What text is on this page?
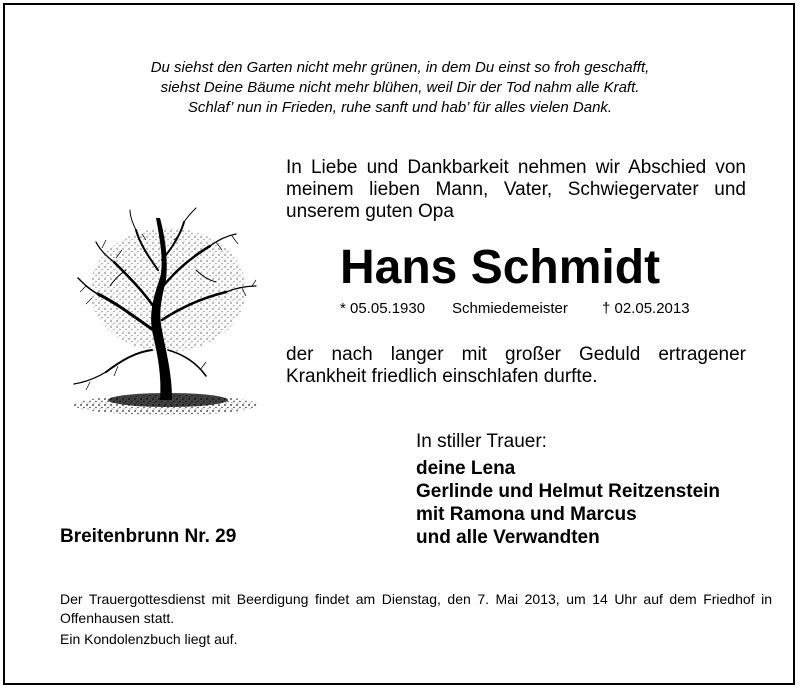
Du siehst den Garten nicht mehr grünen, in dem Du einst so froh geschafft,
siehst Deine Bäume nicht mehr blühen, weil Dir der Tod nahm alle Kraft.
Schlaf’ nun in Frieden, ruhe sanft und hab’ für alles vielen Dank.
In Liebe und Dankbarkeit nehmen wir Abschied von meinem lieben Mann, Vater, Schwiegervater und unserem guten Opa
Hans Schmidt
* 05.05.1930 Schmiedemeister † 02.05.2013
der nach langer mit großer Geduld ertragener Krankheit friedlich einschlafen durfte.
In stiller Trauer:
deine Lena
Gerlinde und Helmut Reitzenstein
mit Ramona und Marcus
und alle Verwandten
Breitenbrunn Nr. 29
Der Trauergottesdienst mit Beerdigung findet am Dienstag, den 7. Mai 2013, um 14 Uhr auf dem Friedhof in Offenhausen statt.
Ein Kondolenzbuch liegt auf.
